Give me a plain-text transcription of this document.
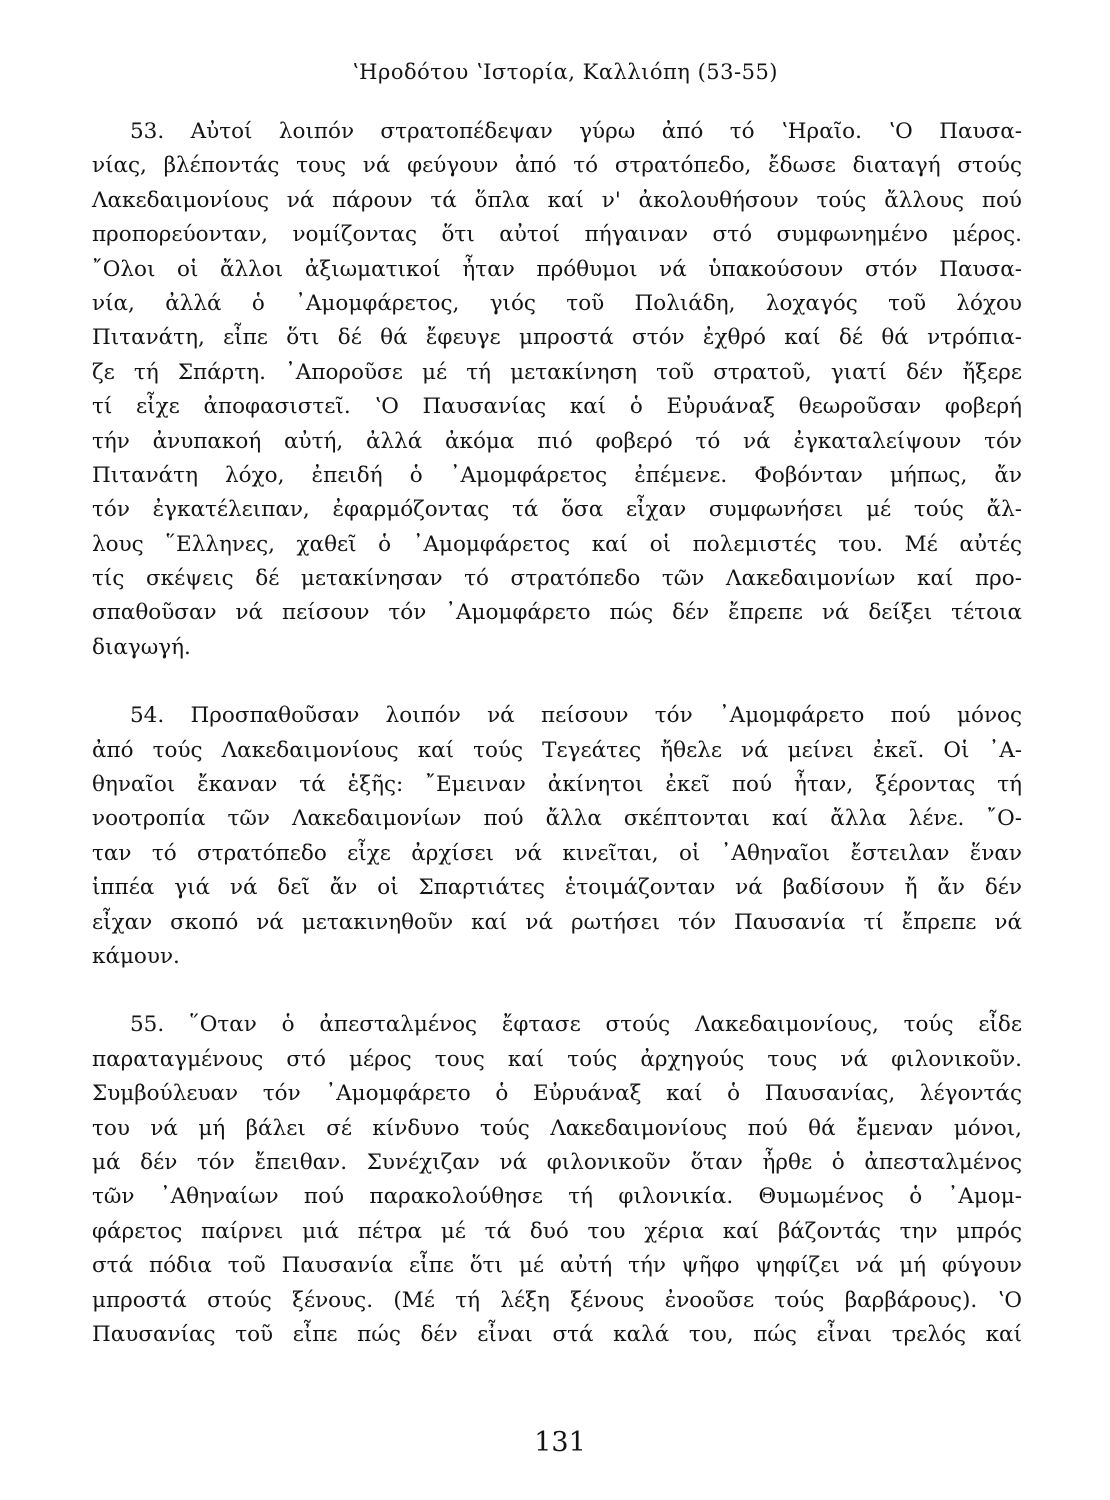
ʽΗροδότου ʽΙστορία, Καλλιόπη (53-55)
53. Αὐτοί λοιπόν στρατοπέδεψαν γύρω ἀπό τό ʽΗραῖο. ʽΟ Παυσα-
νίας, βλέποντάς τους νά φεύγουν ἀπό τό στρατόπεδο, ἔδωσε διαταγή στούς
Λακεδαιμονίους νά πάρουν τά ὅπλα καί ν' ἀκολουθήσουν τούς ἄλλους πού
προπορεύονταν, νομίζοντας ὅτι αὐτοί πήγαιναν στό συμφωνημένο μέρος.
῎Ολοι οἱ ἄλλοι ἀξιωματικοί ἦταν πρόθυμοι νά ὑπακούσουν στόν Παυσα-
νία, ἀλλά ὁ ᾿Αμομφάρετος, γιός τοῦ Πολιάδη, λοχαγός τοῦ λόχου
Πιτανάτη, εἶπε ὅτι δέ θά ἔφευγε μπροστά στόν ἐχθρό καί δέ θά ντρόπια-
ζε τή Σπάρτη. ᾿Αποροῦσε μέ τή μετακίνηση τοῦ στρατοῦ, γιατί δέν ἤξερε
τί εἶχε ἀποφασιστεῖ. ʽΟ Παυσανίας καί ὁ Εὐρυάναξ θεωροῦσαν φοβερή
τήν ἀνυπακοή αὐτή, ἀλλά ἀκόμα πιό φοβερό τό νά ἐγκαταλείψουν τόν
Πιτανάτη λόχο, ἐπειδή ὁ ᾿Αμομφάρετος ἐπέμενε. Φοβόνταν μήπως, ἄν
τόν ἐγκατέλειπαν, ἐφαρμόζοντας τά ὅσα εἶχαν συμφωνήσει μέ τούς ἄλ-
λους ῞Ελληνες, χαθεῖ ὁ ᾿Αμομφάρετος καί οἱ πολεμιστές του. Μέ αὐτές
τίς σκέψεις δέ μετακίνησαν τό στρατόπεδο τῶν Λακεδαιμονίων καί προ-
σπαθοῦσαν νά πείσουν τόν ᾿Αμομφάρετο πώς δέν ἔπρεπε νά δείξει τέτοια
διαγωγή.
54. Προσπαθοῦσαν λοιπόν νά πείσουν τόν ᾿Αμομφάρετο πού μόνος
ἀπό τούς Λακεδαιμονίους καί τούς Τεγεάτες ἤθελε νά μείνει ἐκεῖ. Οἱ ᾿Α-
θηναῖοι ἔκαναν τά ἑξῆς: ῎Εμειναν ἀκίνητοι ἐκεῖ πού ἦταν, ξέροντας τή
νοοτροπία τῶν Λακεδαιμονίων πού ἄλλα σκέπτονται καί ἄλλα λένε. ῎Ο-
ταν τό στρατόπεδο εἶχε ἀρχίσει νά κινεῖται, οἱ ᾿Αθηναῖοι ἔστειλαν ἕναν
ἱππέα γιά νά δεῖ ἄν οἱ Σπαρτιάτες ἑτοιμάζονταν νά βαδίσουν ἤ ἄν δέν
εἶχαν σκοπό νά μετακινηθοῦν καί νά ρωτήσει τόν Παυσανία τί ἔπρεπε νά
κάμουν.
55. ῞Οταν ὁ ἀπεσταλμένος ἔφτασε στούς Λακεδαιμονίους, τούς εἶδε
παραταγμένους στό μέρος τους καί τούς ἀρχηγούς τους νά φιλονικοῦν.
Συμβούλευαν τόν ᾿Αμομφάρετο ὁ Εὐρυάναξ καί ὁ Παυσανίας, λέγοντάς
του νά μή βάλει σέ κίνδυνο τούς Λακεδαιμονίους πού θά ἔμεναν μόνοι,
μά δέν τόν ἔπειθαν. Συνέχιζαν νά φιλονικοῦν ὅταν ἦρθε ὁ ἀπεσταλμένος
τῶν ᾿Αθηναίων πού παρακολούθησε τή φιλονικία. Θυμωμένος ὁ ᾿Αμομ-
φάρετος παίρνει μιά πέτρα μέ τά δυό του χέρια καί βάζοντάς την μπρός
στά πόδια τοῦ Παυσανία εἶπε ὅτι μέ αὐτή τήν ψῆφο ψηφίζει νά μή φύγουν
μπροστά στούς ξένους. (Μέ τή λέξη ξένους ἐνοοῦσε τούς βαρβάρους). ʽΟ
Παυσανίας τοῦ εἶπε πώς δέν εἶναι στά καλά του, πώς εἶναι τρελός καί
131
